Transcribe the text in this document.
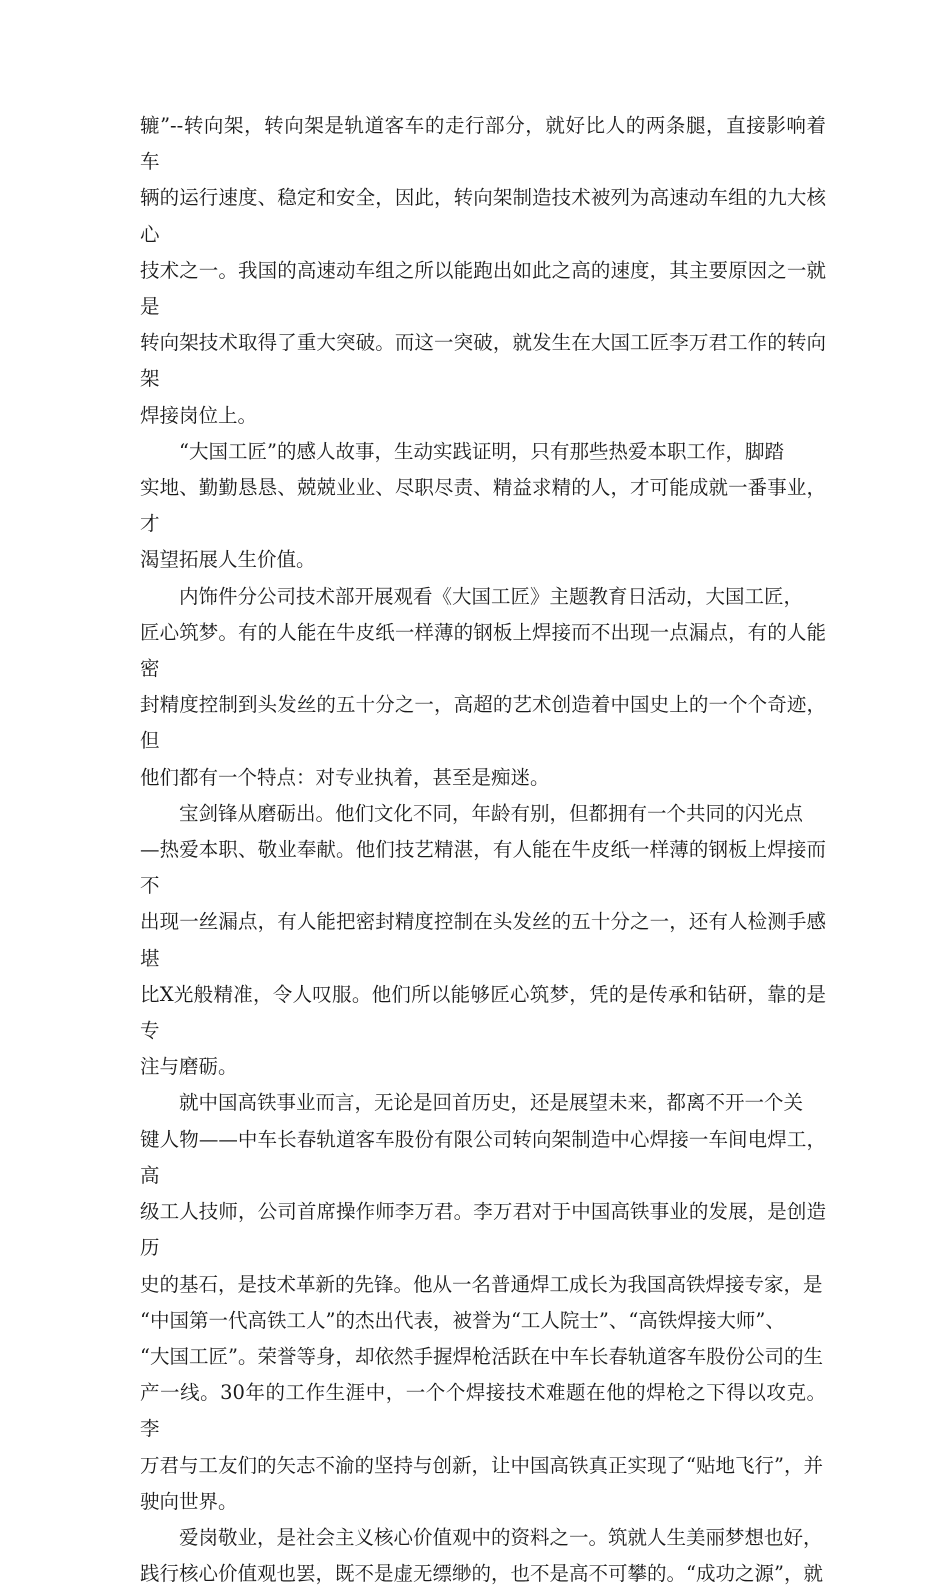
辘”--转向架，转向架是轨道客车的走行部分，就好比人的两条腿，直接影响着车
辆的运行速度、稳定和安全，因此，转向架制造技术被列为高速动车组的九大核心
技术之一。我国的高速动车组之所以能跑出如此之高的速度，其主要原因之一就是
转向架技术取得了重大突破。而这一突破，就发生在大国工匠李万君工作的转向架
焊接岗位上。
“大国工匠”的感人故事，生动实践证明，只有那些热爱本职工作，脚踏
实地、勤勤恳恳、兢兢业业、尽职尽责、精益求精的人，才可能成就一番事业，才
渴望拓展人生价值。
内饰件分公司技术部开展观看《大国工匠》主题教育日活动，大国工匠，
匠心筑梦。有的人能在牛皮纸一样薄的钢板上焊接而不出现一点漏点，有的人能密
封精度控制到头发丝的五十分之一，高超的艺术创造着中国史上的一个个奇迹，但
他们都有一个特点：对专业执着，甚至是痴迷。
宝剑锋从磨砺出。他们文化不同，年龄有别，但都拥有一个共同的闪光点
—热爱本职、敬业奉献。他们技艺精湛，有人能在牛皮纸一样薄的钢板上焊接而不
出现一丝漏点，有人能把密封精度控制在头发丝的五十分之一，还有人检测手感堪
比X光般精准，令人叹服。他们所以能够匠心筑梦，凭的是传承和钻研，靠的是专
注与磨砺。
就中国高铁事业而言，无论是回首历史，还是展望未来，都离不开一个关
键人物——中车长春轨道客车股份有限公司转向架制造中心焊接一车间电焊工，高
级工人技师，公司首席操作师李万君。李万君对于中国高铁事业的发展，是创造历
史的基石，是技术革新的先锋。他从一名普通焊工成长为我国高铁焊接专家，是
“中国第一代高铁工人”的杰出代表，被誉为“工人院士”、“高铁焊接大师”、
“大国工匠”。荣誉等身，却依然手握焊枪活跃在中车长春轨道客车股份公司的生
产一线。30年的工作生涯中，一个个焊接技术难题在他的焊枪之下得以攻克。李
万君与工友们的矢志不渝的坚持与创新，让中国高铁真正实现了“贴地飞行”，并
驶向世界。
爱岗敬业，是社会主义核心价值观中的资料之一。筑就人生美丽梦想也好，
践行核心价值观也罢，既不是虚无缥缈的，也不是高不可攀的。“成功之源”，就
